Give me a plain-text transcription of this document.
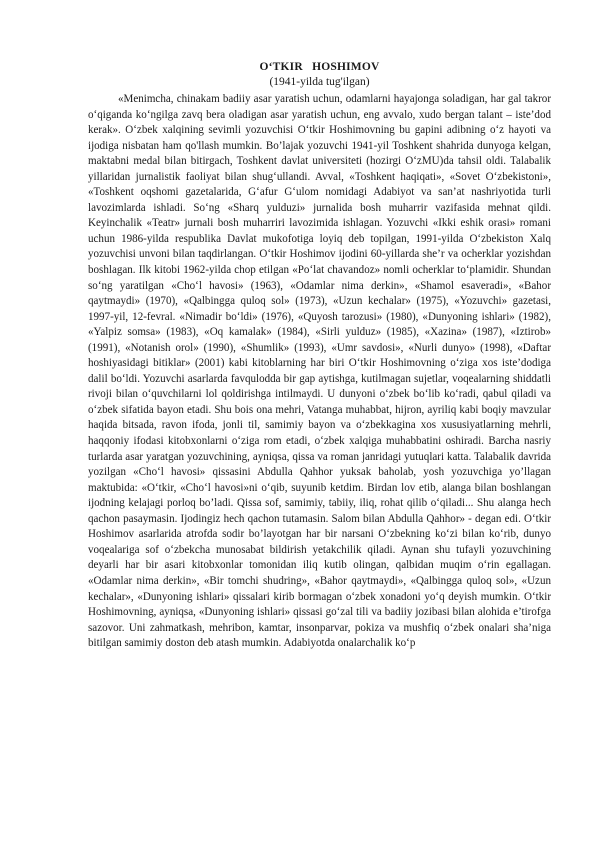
O‘TKIR   HOSHIMOV
(1941-yilda tug'ilgan)

«Menimcha, chinakam badiiy asar yaratish uchun, odamlarni hayajonga soladigan, har gal takror o‘qiganda ko‘ngilga zavq bera oladigan asar yaratish uchun, eng avvalo, xudo bergan talant – iste’dod kerak». O‘zbek xalqining sevimli yozuvchisi O‘tkir Hoshimovning bu gapini adibning o‘z hayoti va ijodiga nisbatan ham qo'llash mumkin. Bo’lajak yozuvchi 1941-yil Toshkent shahrida dunyoga kelgan, maktabni medal bilan bitirgach, Toshkent davlat universiteti (hozirgi O‘zMU)da tahsil oldi. Talabalik yillaridan jurnalistik faoliyat bilan shug‘ullandi. Avval, «Toshkent haqiqati», «Sovet O‘zbekistoni», «Toshkent oqshomi gazetalarida, G‘afur G‘ulom nomidagi Adabiyot va san’at nashriyotida turli lavozimlarda ishladi. So‘ng «Sharq yulduzi» jurnalida bosh muharrir vazifasida mehnat qildi. Keyinchalik «Teatr» jurnali bosh muharriri lavozimida ishlagan. Yozuvchi «Ikki eshik orasi» romani uchun 1986-yilda respublika Davlat mukofotiga loyiq deb topilgan, 1991-yilda O‘zbekiston Xalq yozuvchisi unvoni bilan taqdirlangan. O‘tkir Hoshimov ijodini 60-yillarda she’r va ocherklar yozishdan boshlagan. Ilk kitobi 1962-yilda chop etilgan «Po‘lat chavandoz» nomli ocherklar to‘plamidir. Shundan so‘ng yaratilgan «Cho‘l havosi» (1963), «Odamlar nima derkin», «Shamol esaveradi», «Bahor qaytmaydi» (1970), «Qalbingga quloq sol» (1973), «Uzun kechalar» (1975), «Yozuvchi» gazetasi, 1997-yil, 12-fevral. «Nimadir bo‘ldi» (1976), «Quyosh tarozusi» (1980), «Dunyoning ishlari» (1982), «Yalpiz somsa» (1983), «Oq kamalak» (1984), «Sirli yulduz» (1985), «Xazina» (1987), «Iztirob» (1991), «Notanish orol» (1990), «Shumlik» (1993), «Umr savdosi», «Nurli dunyo» (1998), «Daftar hoshiyasidagi bitiklar» (2001) kabi kitoblarning har biri O‘tkir Hoshimovning o‘ziga xos iste’dodiga dalil bo‘ldi. Yozuvchi asarlarda favqulodda bir gap aytishga, kutilmagan sujetlar, voqealarning shiddatli rivoji bilan o‘quvchilarni lol qoldirishga intilmaydi. U dunyoni o‘zbek bo‘lib ko‘radi, qabul qiladi va o‘zbek sifatida bayon etadi. Shu bois ona mehri, Vatanga muhabbat, hijron, ayriliq kabi boqiy mavzular haqida bitsada, ravon ifoda, jonli til, samimiy bayon va o‘zbekkagina xos xususiyatlarning mehrli, haqqoniy ifodasi kitobxonlarni o‘ziga rom etadi, o‘zbek xalqiga muhabbatini oshiradi. Barcha nasriy turlarda asar yaratgan yozuvchining, ayniqsa, qissa va roman janridagi yutuqlari katta. Talabalik davrida yozilgan «Cho‘l havosi» qissasini Abdulla Qahhor yuksak baholab, yosh yozuvchiga yo’llagan maktubida: «O‘tkir, «Cho‘l havosi»ni o‘qib, suyunib ketdim. Birdan lov etib, alanga bilan boshlangan ijodning kelajagi porloq bo’ladi. Qissa sof, samimiy, tabiiy, iliq, rohat qilib o‘qiladi... Shu alanga hech qachon pasaymasin. Ijodingiz hech qachon tutamasin. Salom bilan Abdulla Qahhor» - degan edi. O‘tkir Hoshimov asarlarida atrofda sodir bo’layotgan har bir narsani O‘zbekning ko‘zi bilan ko‘rib, dunyo voqealariga sof o‘zbekcha munosabat bildirish yetakchilik qiladi. Aynan shu tufayli yozuvchining deyarli har bir asari kitobxonlar tomonidan iliq kutib olingan, qalbidan muqim o‘rin egallagan. «Odamlar nima derkin», «Bir tomchi shudring», «Bahor qaytmaydi», «Qalbingga quloq sol», «Uzun kechalar», «Dunyoning ishlari» qissalari kirib bormagan o‘zbek xonadoni yo‘q deyish mumkin. O‘tkir Hoshimovning, ayniqsa, «Dunyoning ishlari» qissasi go‘zal tili va badiiy jozibasi bilan alohida e’tirofga sazovor. Uni zahmatkash, mehribon, kamtar, insonparvar, pokiza va mushfiq o‘zbek onalari sha’niga bitilgan samimiy doston deb atash mumkin. Adabiyotda onalarchalik ko‘p
